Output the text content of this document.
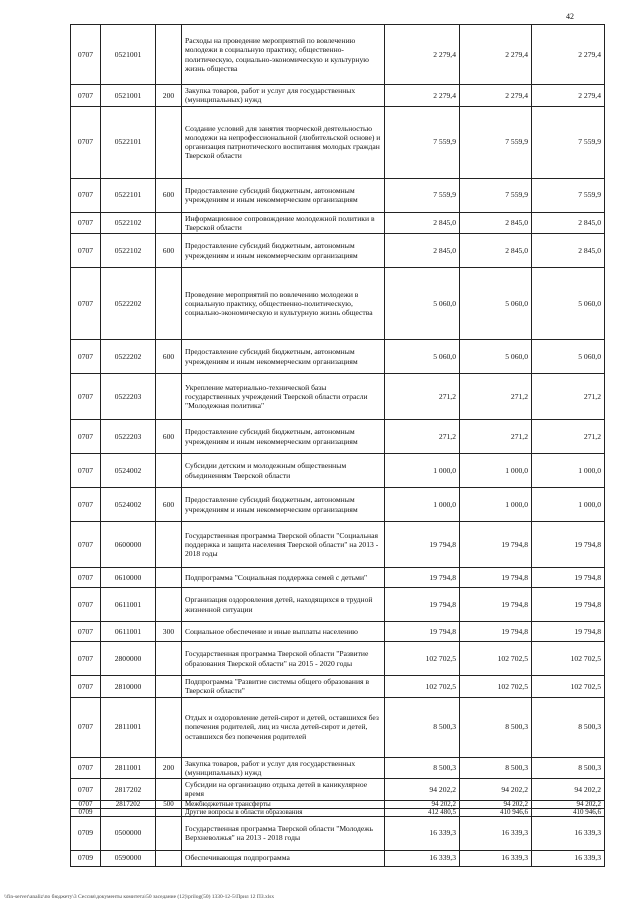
42
0707	0521001		Расходы на проведение мероприятий по вовлечению молодежи в социальную практику, общественно-политическую, социально-экономическую и культурную жизнь общества	2 279,4	2 279,4	2 279,4
0707	0521001	200	Закупка товаров, работ и услуг для государственных (муниципальных) нужд	2 279,4	2 279,4	2 279,4
0707	0522101		Создание условий для занятия творческой деятельностью молодежи на непрофессиональной (любительской основе) и организация патриотического воспитания молодых граждан Тверской области	7 559,9	7 559,9	7 559,9
0707	0522101	600	Предоставление субсидий бюджетным, автономным учреждениям и иным некоммерческим организациям	7 559,9	7 559,9	7 559,9
0707	0522102		Информационное сопровождение молодежной политики в Тверской области	2 845,0	2 845,0	2 845,0
0707	0522102	600	Предоставление субсидий бюджетным, автономным учреждениям и иным некоммерческим организациям	2 845,0	2 845,0	2 845,0
0707	0522202		Проведение мероприятий по вовлечению молодежи в социальную практику, общественно-политическую, социально-экономическую и культурную жизнь общества	5 060,0	5 060,0	5 060,0
0707	0522202	600	Предоставление субсидий бюджетным, автономным учреждениям и иным некоммерческим организациям	5 060,0	5 060,0	5 060,0
0707	0522203		Укрепление материально-технической базы государственных учреждений Тверской области отрасли "Молодежная политика"	271,2	271,2	271,2
0707	0522203	600	Предоставление субсидий бюджетным, автономным учреждениям и иным некоммерческим организациям	271,2	271,2	271,2
0707	0524002		Субсидии детским и молодежным общественным объединениям Тверской области	1 000,0	1 000,0	1 000,0
0707	0524002	600	Предоставление субсидий бюджетным, автономным учреждениям и иным некоммерческим организациям	1 000,0	1 000,0	1 000,0
0707	0600000		Государственная программа Тверской области "Социальная поддержка и защита населения Тверской области" на 2013 - 2018 годы	19 794,8	19 794,8	19 794,8
0707	0610000		Подпрограмма "Социальная поддержка семей с детьми"	19 794,8	19 794,8	19 794,8
0707	0611001		Организация оздоровления детей, находящихся в трудной жизненной ситуации	19 794,8	19 794,8	19 794,8
0707	0611001	300	Социальное обеспечение и иные выплаты населению	19 794,8	19 794,8	19 794,8
0707	2800000		Государственная программа Тверской области "Развитие образования Тверской области" на 2015 - 2020 годы	102 702,5	102 702,5	102 702,5
0707	2810000		Подпрограмма "Развитие системы общего образования в Тверской области"	102 702,5	102 702,5	102 702,5
0707	2811001		Отдых и оздоровление детей-сирот и детей, оставшихся без попечения родителей, лиц из числа детей-сирот и детей, оставшихся без попечения родителей	8 500,3	8 500,3	8 500,3
0707	2811001	200	Закупка товаров, работ и услуг для государственных (муниципальных) нужд	8 500,3	8 500,3	8 500,3
0707	2817202		Субсидии на организацию отдыха детей в каникулярное время	94 202,2	94 202,2	94 202,2
0707	2817202	500	Межбюджетные трансферты	94 202,2	94 202,2	94 202,2
0709			Другие вопросы в области образования	412 480,5	410 946,6	410 946,6
0709	0500000		Государственная программа Тверской области "Молодежь Верхневолжья" на 2013 - 2018 годы	16 339,3	16 339,3	16 339,3
0709	0590000		Обеспечивающая подпрограмма	16 339,3	16 339,3	16 339,3
\\fin-server\analiz\по бюджету\3 Сессия\документы комитета\50 заседание (12)\prilog(50) 1330-12-5\Прил 12 ПЗ.xlsx
